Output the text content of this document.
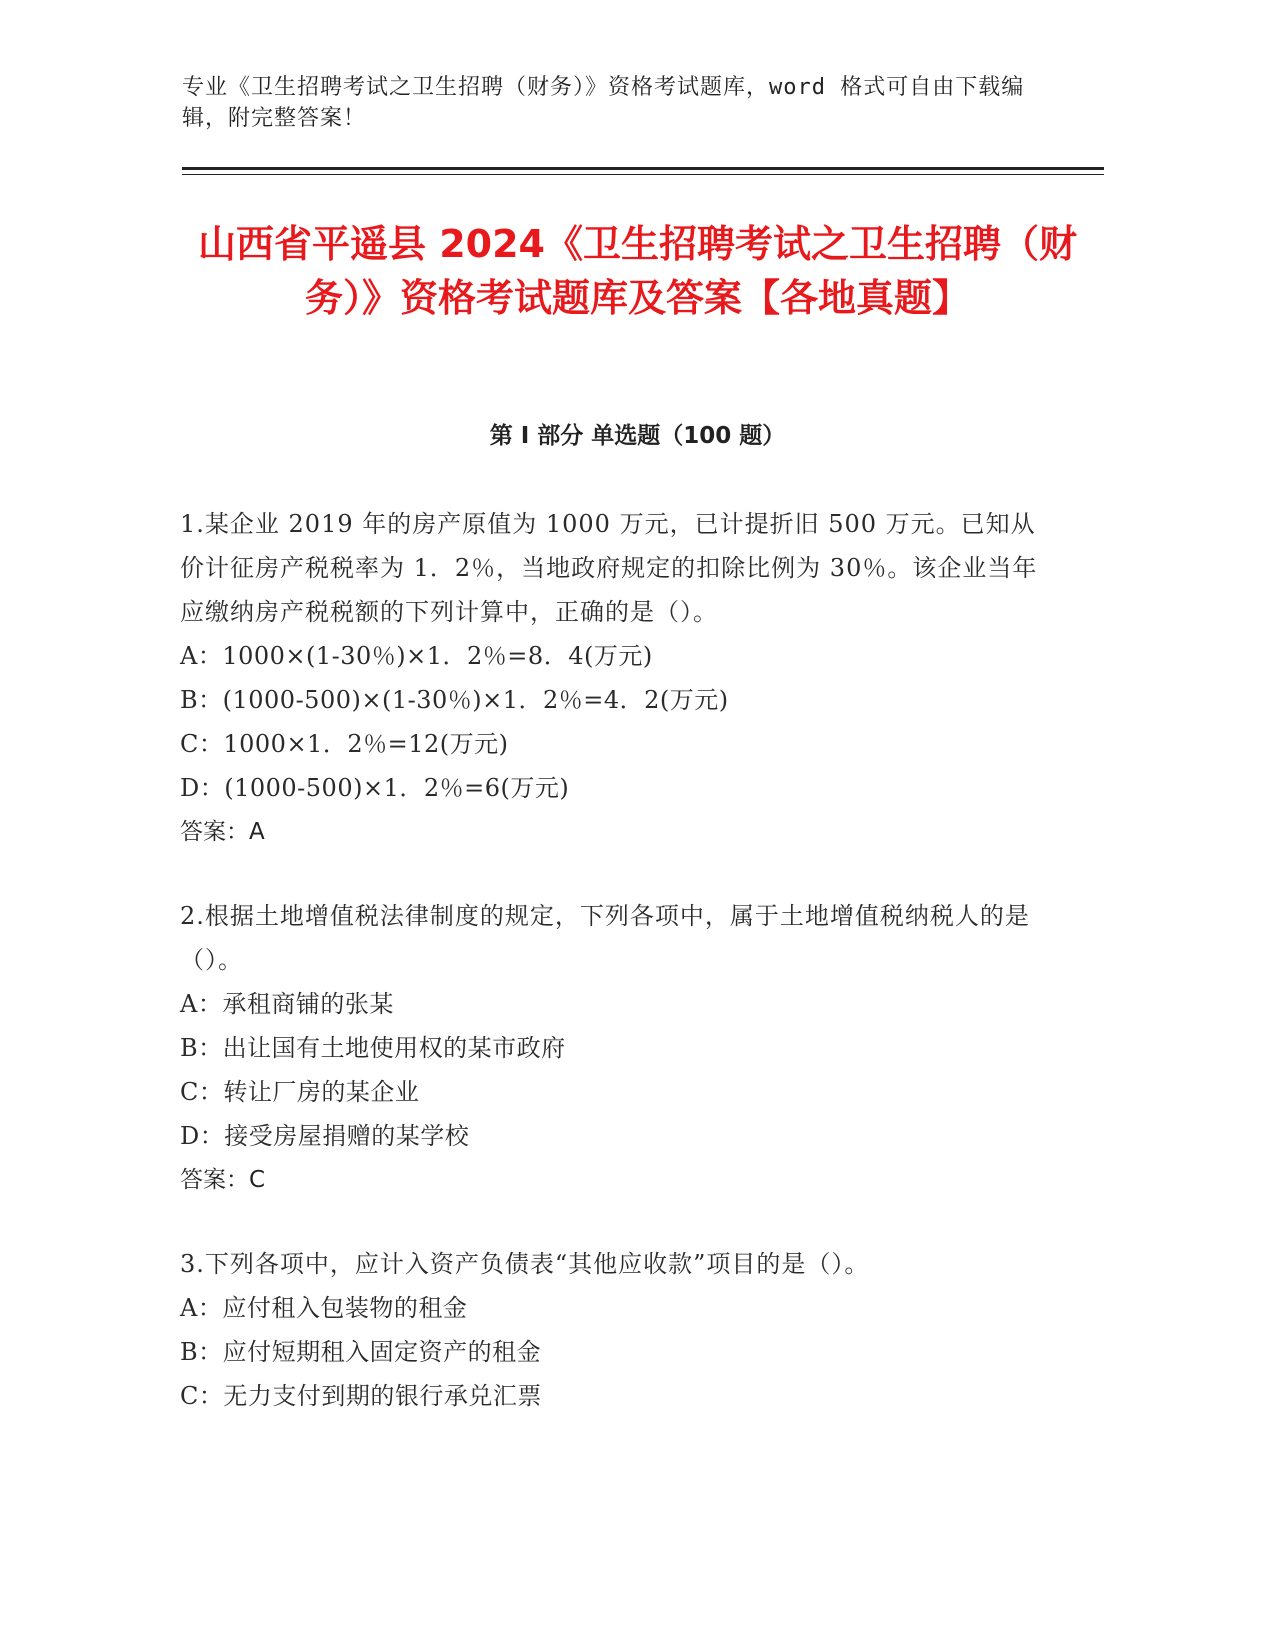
专业《卫生招聘考试之卫生招聘（财务）》资格考试题库，word 格式可自由下载编辑，附完整答案！
山西省平遥县 2024《卫生招聘考试之卫生招聘（财务）》资格考试题库及答案【各地真题】
第 I 部分 单选题（100 题）
1.某企业 2019 年的房产原值为 1000 万元，已计提折旧 500 万元。已知从价计征房产税税率为 1．2％，当地政府规定的扣除比例为 30％。该企业当年应缴纳房产税税额的下列计算中，正确的是（）。
A：1000×(1-30％)×1．2％=8．4(万元)
B：(1000-500)×(1-30％)×1．2％=4．2(万元)
C：1000×1．2％=12(万元)
D：(1000-500)×1．2％=6(万元)
答案：A
2.根据土地增值税法律制度的规定，下列各项中，属于土地增值税纳税人的是（）。
A：承租商铺的张某
B：出让国有土地使用权的某市政府
C：转让厂房的某企业
D：接受房屋捐赠的某学校
答案：C
3.下列各项中，应计入资产负债表“其他应收款”项目的是（）。
A：应付租入包装物的租金
B：应付短期租入固定资产的租金
C：无力支付到期的银行承兑汇票
